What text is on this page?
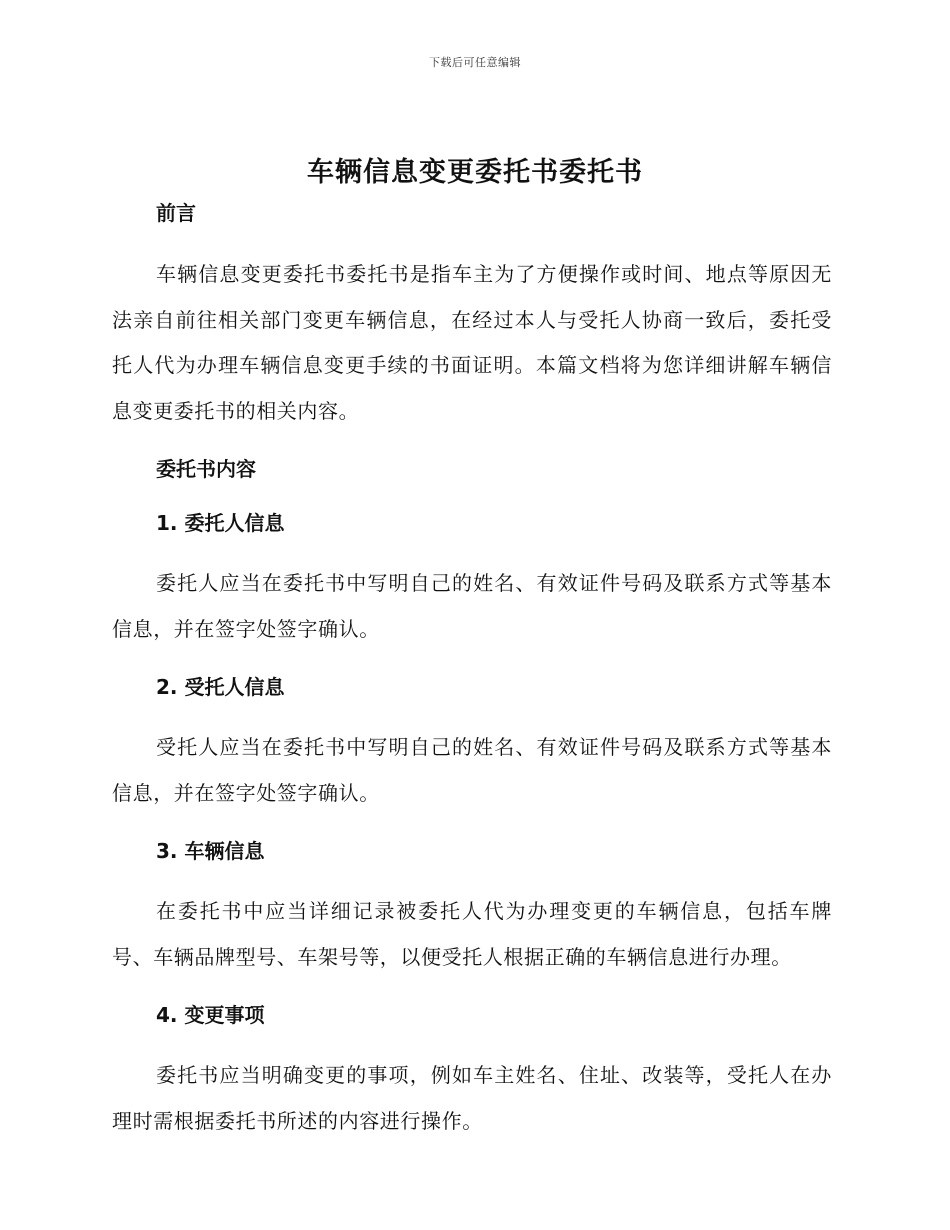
下载后可任意编辑
车辆信息变更委托书委托书
前言

车辆信息变更委托书委托书是指车主为了方便操作或时间、地点等原因无法亲自前往相关部门变更车辆信息，在经过本人与受托人协商一致后，委托受托人代为办理车辆信息变更手续的书面证明。本篇文档将为您详细讲解车辆信息变更委托书的相关内容。

委托书内容
1. 委托人信息

委托人应当在委托书中写明自己的姓名、有效证件号码及联系方式等基本信息，并在签字处签字确认。

2. 受托人信息

受托人应当在委托书中写明自己的姓名、有效证件号码及联系方式等基本信息，并在签字处签字确认。

3. 车辆信息

在委托书中应当详细记录被委托人代为办理变更的车辆信息，包括车牌号、车辆品牌型号、车架号等，以便受托人根据正确的车辆信息进行办理。

4. 变更事项

委托书应当明确变更的事项，例如车主姓名、住址、改装等，受托人在办理时需根据委托书所述的内容进行操作。
